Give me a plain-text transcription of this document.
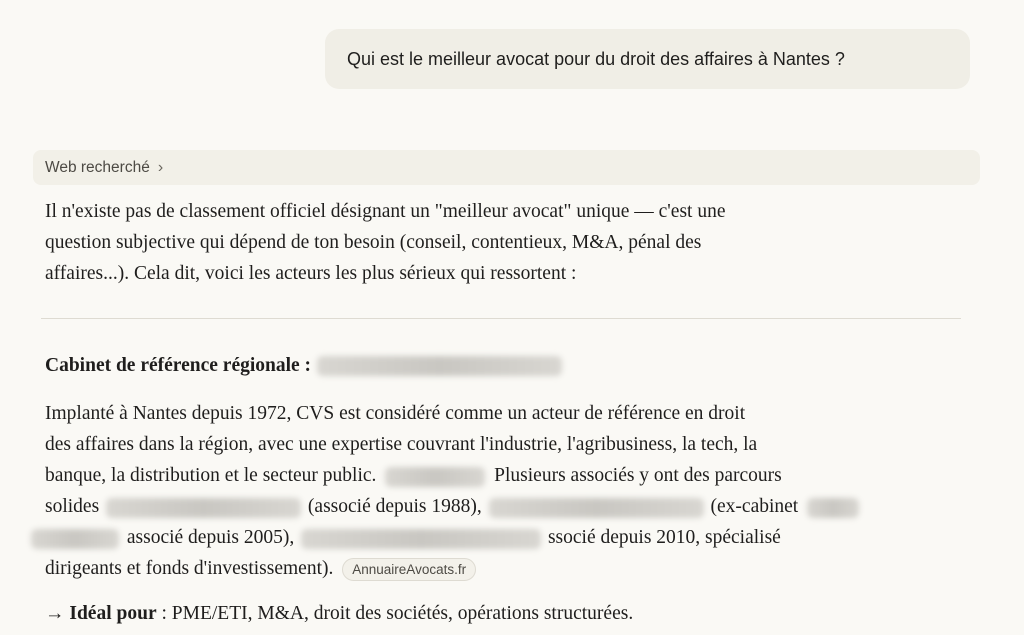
Qui est le meilleur avocat pour du droit des affaires à Nantes ?
Web recherché ›
Il n'existe pas de classement officiel désignant un "meilleur avocat" unique — c'est une
question subjective qui dépend de ton besoin (conseil, contentieux, M&A, pénal des
affaires...). Cela dit, voici les acteurs les plus sérieux qui ressortent :
Cabinet de référence régionale :
Implanté à Nantes depuis 1972, CVS est considéré comme un acteur de référence en droit
des affaires dans la région, avec une expertise couvrant l'industrie, l'agribusiness, la tech, la
banque, la distribution et le secteur public.	Plusieurs associés y ont des parcours
solides	(associé depuis 1988),	(ex-cabinet
associé depuis 2005),	ssocié depuis 2010, spécialisé
dirigeants et fonds d'investissement). AnnuaireAvocats.fr
→ Idéal pour : PME/ETI, M&A, droit des sociétés, opérations structurées.
